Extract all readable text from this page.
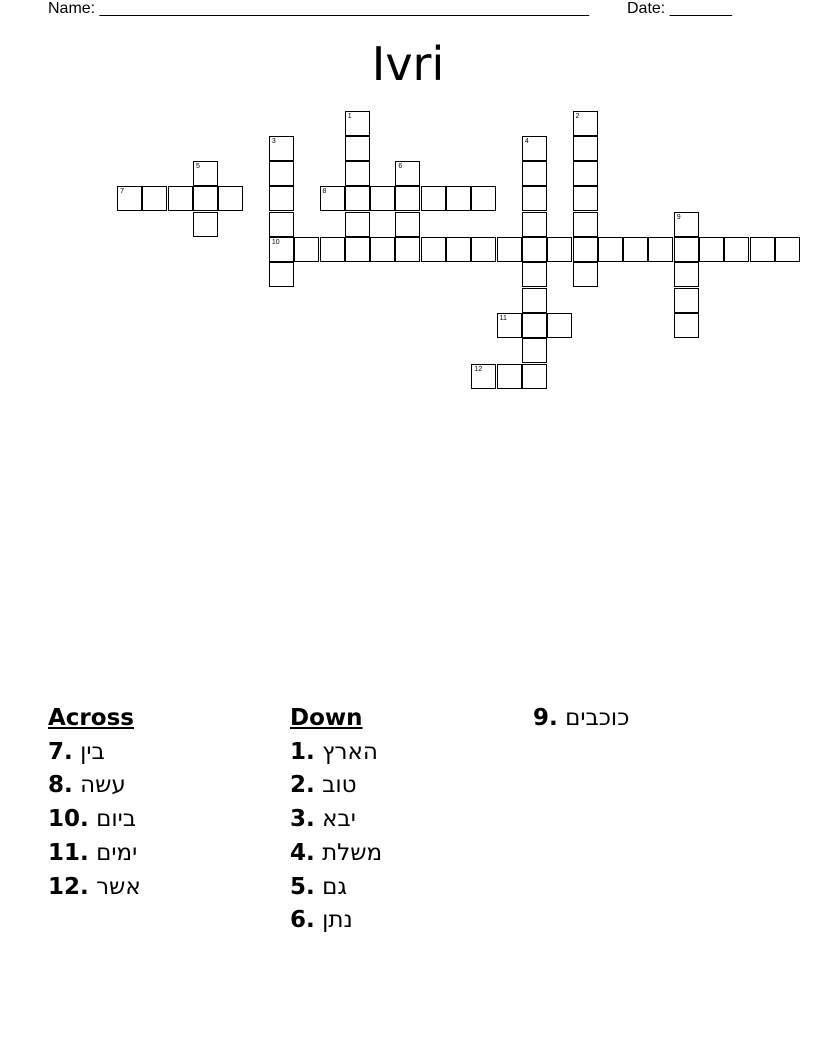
Name: _______________________________________________________ Date: _______
Ivri
10
1	2
3	4
5	6
7	8
9
11
12
Across
7. בין
8. עשה
10. ביום
11. ימים
12. אשר
Down
1. הארץ
2. טוב
3. יבא
4. משלת
5. גם
6. נתן
9. כוכבים
